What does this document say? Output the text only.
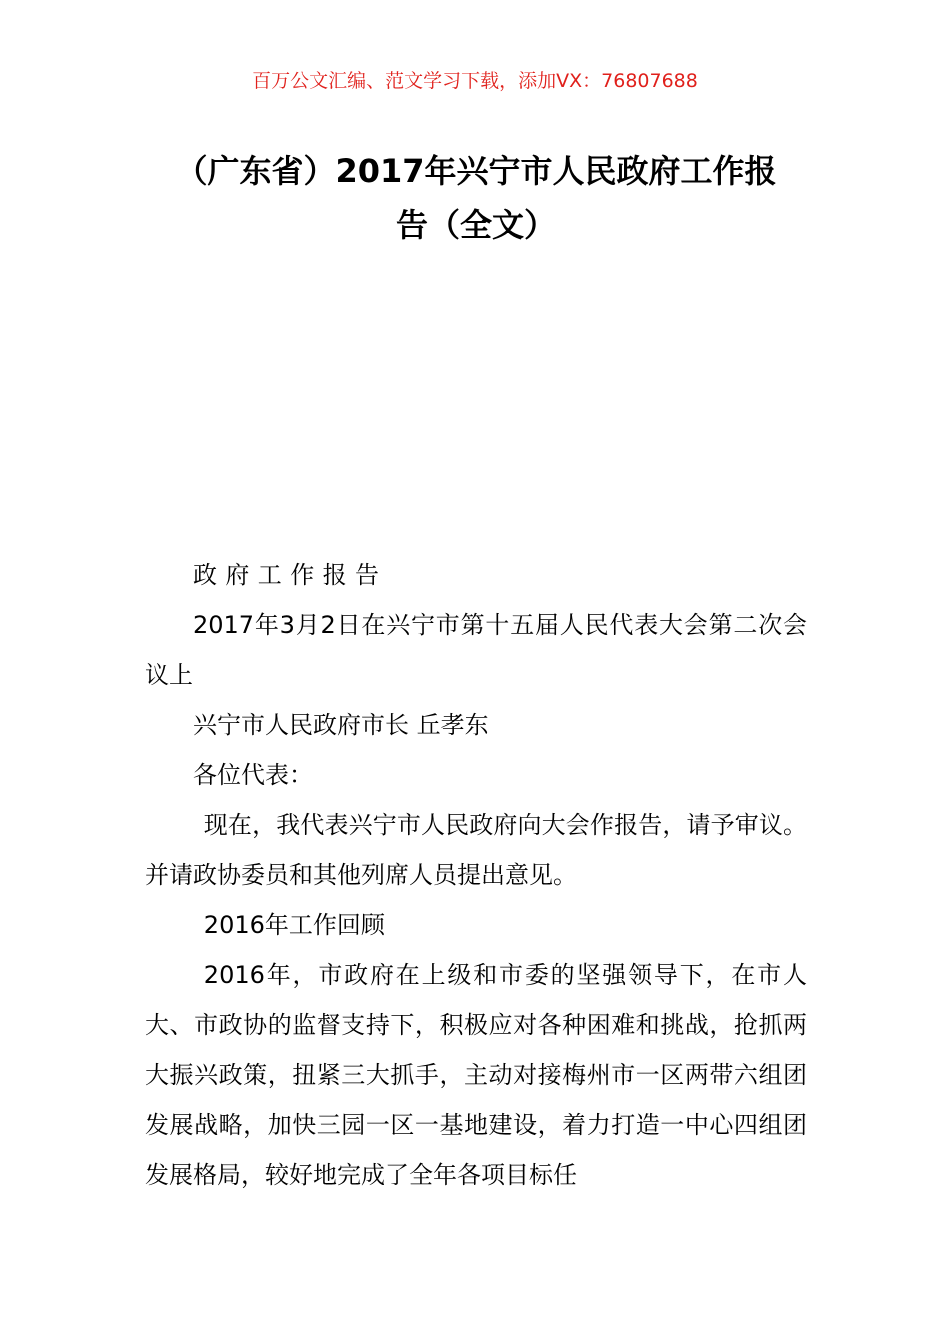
百万公文汇编、范文学习下载，添加VX：76807688
（广东省）2017年兴宁市人民政府工作报
告（全文）

政府工作报告

2017年3月2日在兴宁市第十五届人民代表大会第二次会议上

兴宁市人民政府市长 丘孝东

各位代表：

现在，我代表兴宁市人民政府向大会作报告，请予审议。并请政协委员和其他列席人员提出意见。

2016年工作回顾

2016年，市政府在上级和市委的坚强领导下，在市人大、市政协的监督支持下，积极应对各种困难和挑战，抢抓两大振兴政策，扭紧三大抓手，主动对接梅州市一区两带六组团发展战略，加快三园一区一基地建设，着力打造一中心四组团发展格局，较好地完成了全年各项目标任
